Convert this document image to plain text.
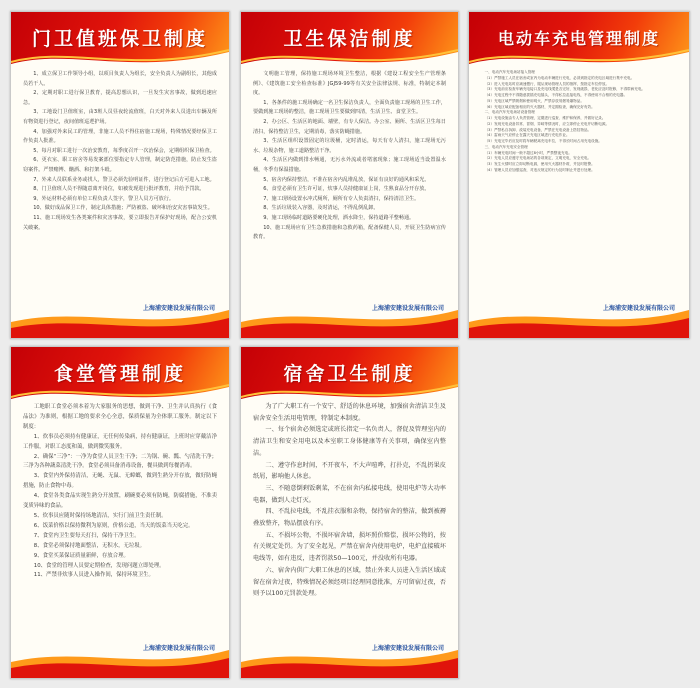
门卫值班保卫制度

1、成立保卫工作领导小组，以项目负责人为组长，安全负责人为副组长，其他成员若干人。

2、定期对职工进行保卫教育，提高思想认识，一旦发生灾害事故，做到迅速应急。

3、工地设门卫值班室，由3班人员昼夜轮流值班，白天对外来人员进出车辆及所有物资进行登记，夜间值班巡逻护场。

4、加强对外来民工的管理，非施工人员不得住宿施工现场，特殊情况要经保卫工作负责人批准。

5、每月对职工进行一次治安教育，每季度召开一次治保会，定期组织保卫检查。

6、更衣室、职工宿舍等易发案部位要指定专人管理，制定防范措施，防止发生盗窃案件。严禁赌博、酗酒、和打架斗殴。

7、外来人员联系业务或找人，警卫必须先验明证件，进行登记后方可进入工地。

8、门卫值班人员不得随意离开岗位，如被发现进行批评教育，并给予罚款。

9、外运材料必须有单位工程负责人签字，警卫人员方可放行。

10、做好成品保卫工作，制定具体措施；严防被盗、破坏和治安灾害事故发生。

11、施工现场发生各类案件和灾害事故，要立即报告并保护好现场，配合公安机关破案。

上海浦安建设发展有限公司
卫生保洁制度

文明施工管理，保持施工现场环境卫生整洁，根据《建设工程安全生产管理条例》、《建筑施工安全检查标准》JGJ59-99等有关安全法律法规、标准，特制定本制度。

1、各条件的施工现场确定一名卫生保洁负责人，全面负责施工现场的卫生工作，要做到施工现场的整洁，施工现场卫生要做到四清，生活卫生、食堂卫生。

2、办公区、生活区的地面、墙壁，有专人保洁。办公室、厕所、生活区卫生每日清扫，保持整洁卫生，定期消毒，落实防蝇措施。

3、生活区组织设置固定的垃圾桶，定时清运，每天有专人清扫，施工现场无污水、垃圾杂物，施工道路整洁干净。

4、生活区内做到排水畅通，无污水外流或者堵塞现象；施工现场适当设置温水桶，冬季有保温措施。

5、宿舍内保持整洁，不准在宿舍内乱堆乱放，保证有良好的通风和采光。

6、食堂必须有卫生许可证，炊事人员持健康证上岗，生熟食品分开存放。

7、施工现场设置水冲式厕所，厕所有专人负责清扫，保持清洁卫生。

8、生活垃圾装入容器，及时清运，不得乱倒乱卸。

9、施工现场临时道路要硬化处理，洒水降尘，保持道路平整畅通。

10、施工现场应有卫生急救措施和急救药箱，配备保健人员，开展卫生防病宣传教育。

上海浦安建设发展有限公司
电动车充电管理制度

一、电动汽车充电场站接入管理

（1）严禁施工人员在宿舍或室内为电动车辆进行充电，必须到指定的充电区域进行集中充电。

（2）进入充电站时应减速慢行，服从现场管理人员的指挥，按指定车位停放。

（3）充电前应检查车辆充电接口及充电线缆是否完好，发现破损、老化应及时报修，不得带病充电。

（4）充电过程中不得随意拔插充电插头，不得私拉乱接电线，不得使用不合格的充电器。

（5）充电区域严禁吸烟和使用明火，严禁存放易燃易爆物品。

（6）充电区域应配备相应的灭火器材，并定期检查，确保完好有效。

二、电动汽车充电场站设备管理

（1）充电设施由专人负责管理，定期进行巡查、维护和保养，并做好记录。

（2）发现充电设备异常、冒烟、异味等情况时，应立即停止充电并切断电源。

（3）严禁私自拆卸、改装充电设备，严禁在充电设备上搭挂物品。

（4）雷雨天气应停止在露天充电区域进行充电作业。

（5）充电完毕后应及时将车辆驶离充电车位，不得长时间占用充电设施。

三、电动汽车充电安全管理

（1）车辆充电时间一般不超过8小时，严禁整夜充电。

（2）充电人员应遵守充电场站的各项规定，文明充电，安全充电。

（3）发生火情时应立即切断电源，使用灭火器材扑救，并及时报警。

（4）管理人员应加强巡查，对违反规定的行为及时制止并进行处理。

上海浦安建设发展有限公司
食堂管理制度

工地职工食堂必须本着为大家服务的思想，做到干净、卫生并认真执行《食品法》为准则，根据工地的要求全心全意，保质保量为全体职工服务。制定以下制度：

1、炊事员必须持有健康证，无任何传染病，持有健康证，上班时应穿戴洁净工作服，对职工态度和蔼，做到微笑服务。

2、确保“三净”：一净为食堂人员卫生干净；二为锅、碗、瓢、勺清洗干净；三净为各种蔬菜清洗干净。食堂必须具备消毒设备，餐具做到每餐消毒。

3、食堂内外保持清洁，无蝇、无鼠、无蟑螂，做到生熟分开存放，做好防蝇措施，防止食物中毒。

4、食堂各类食品实现生熟分开放置，刷碗要必须有防蝇，防腐措施，不准卖变质异味的食品。

5、炊事员应随时保持场地清洁，实行门前卫生责任制。

6、饭菜价格以保持微利为原则，价格公道，当天的饭菜当天吃完。

7、食堂内卫生要每天打扫，保持干净卫生。

8、食堂必须保持地面整洁，无积水，无垃圾。

9、食堂买菜保证质量新鲜，存放合理。

10、食堂的管理人员要定期检查，发现问题立即处理。

11、严禁非炊事人员进入操作间，保持环境卫生。

上海浦安建设发展有限公司
宿舍卫生制度

为了广大职工有一个安宁、舒适的休息环境，加强宿舍清洁卫生及宿舍安全生活用电管理，特制定本制度。

一、每个宿舍必须选定或班长指定一名负责人，督促及管理室内的清洁卫生和安全用电以及本室职工身体健康等有关事项，确保室内整洁。

二、遵守作息时间，不开夜车，不大声喧哗，打扑克，不乱扔果皮纸屑，影响他人休息。

三、不随意倒剩饭剩菜，不在宿舍内私接电线，使用电炉等大功率电器，做到人走灯灭。

四、不乱拉电线，不乱挂衣服和杂物，保持宿舍的整洁，做到被褥叠放整齐，物品摆放有序。

五、不损坏公物，不损坏宿舍墙，损坏照价赔偿，损坏公物的，按有关规定处罚。为了安全起见，严禁在宿舍内使用电炉，电炉直接破坏电线等，如有违反，违者罚款50—100元，并没收所有电器。

六、宿舍内供广大职工休息的区域，禁止外来人员进入生活区域或留在宿舍过夜，特殊情况必须经项目经理同意批准，方可留宿过夜，否则予以100元罚款处理。

上海浦安建设发展有限公司
